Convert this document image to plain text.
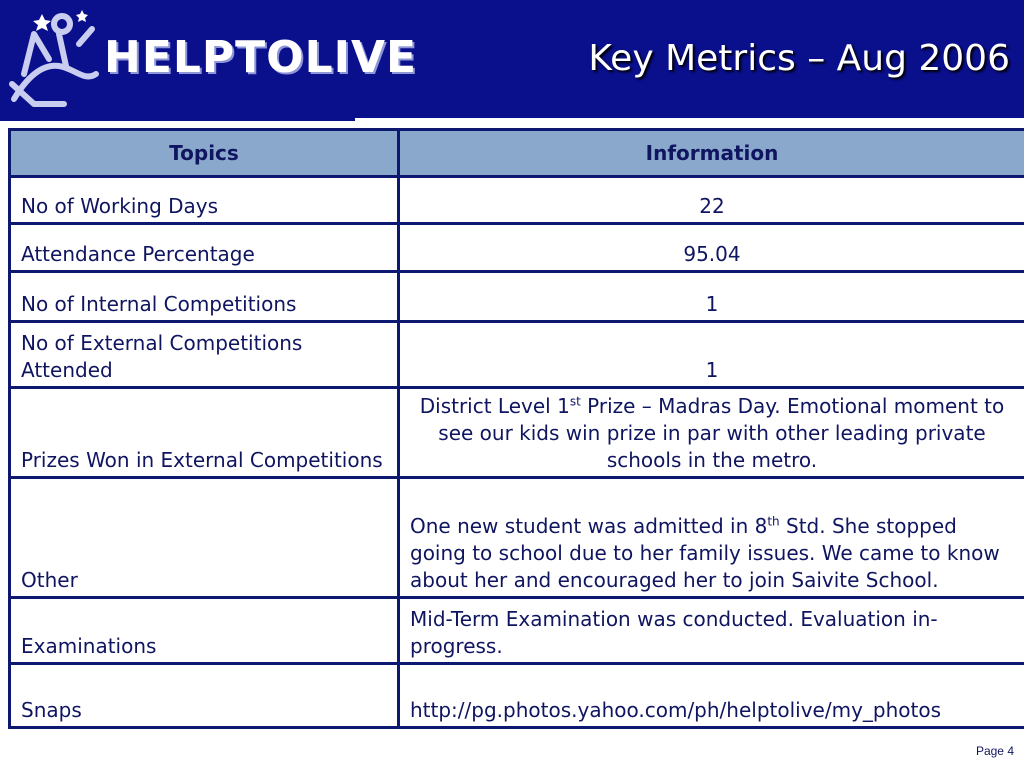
HELPTOLIVE	Key Metrics – Aug 2006
Topics	Information
No of Working Days	22
Attendance Percentage	95.04
No of Internal Competitions	1
No of External Competitions Attended	1
Prizes Won in External Competitions	District Level 1st Prize – Madras Day. Emotional moment to see our kids win prize in par with other leading private schools in the metro.
Other	One new student was admitted in 8th Std. She stopped going to school due to her family issues. We came to know about her and encouraged her to join Saivite School.
Examinations	Mid-Term Examination was conducted. Evaluation in-progress.
Snaps	http://pg.photos.yahoo.com/ph/helptolive/my_photos
Page 4
